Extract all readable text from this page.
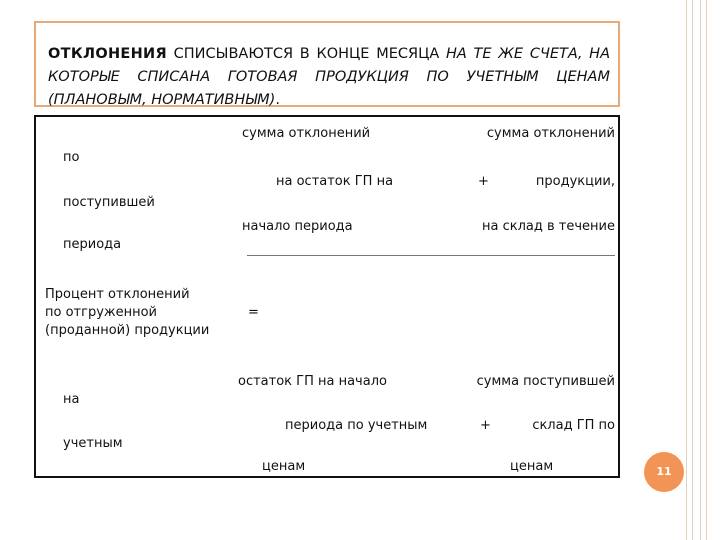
ОТКЛОНЕНИЯ СПИСЫВАЮТСЯ В КОНЦЕ МЕСЯЦА НА ТЕ ЖЕ СЧЕТА, НА КОТОРЫЕ СПИСАНА ГОТОВАЯ ПРОДУКЦИЯ ПО УЧЕТНЫМ ЦЕНАМ (ПЛАНОВЫМ, НОРМАТИВНЫМ).
сумма отклонений	сумма отклонений
по
на остаток ГП на	+	продукции,
поступившей
начало периода	на склад в течение
периода
Процент отклонений
по отгруженной	=
(проданной) продукции
остаток ГП на начало	сумма поступившей
на
периода по учетным	+	склад ГП по
учетным
ценам	ценам	11
